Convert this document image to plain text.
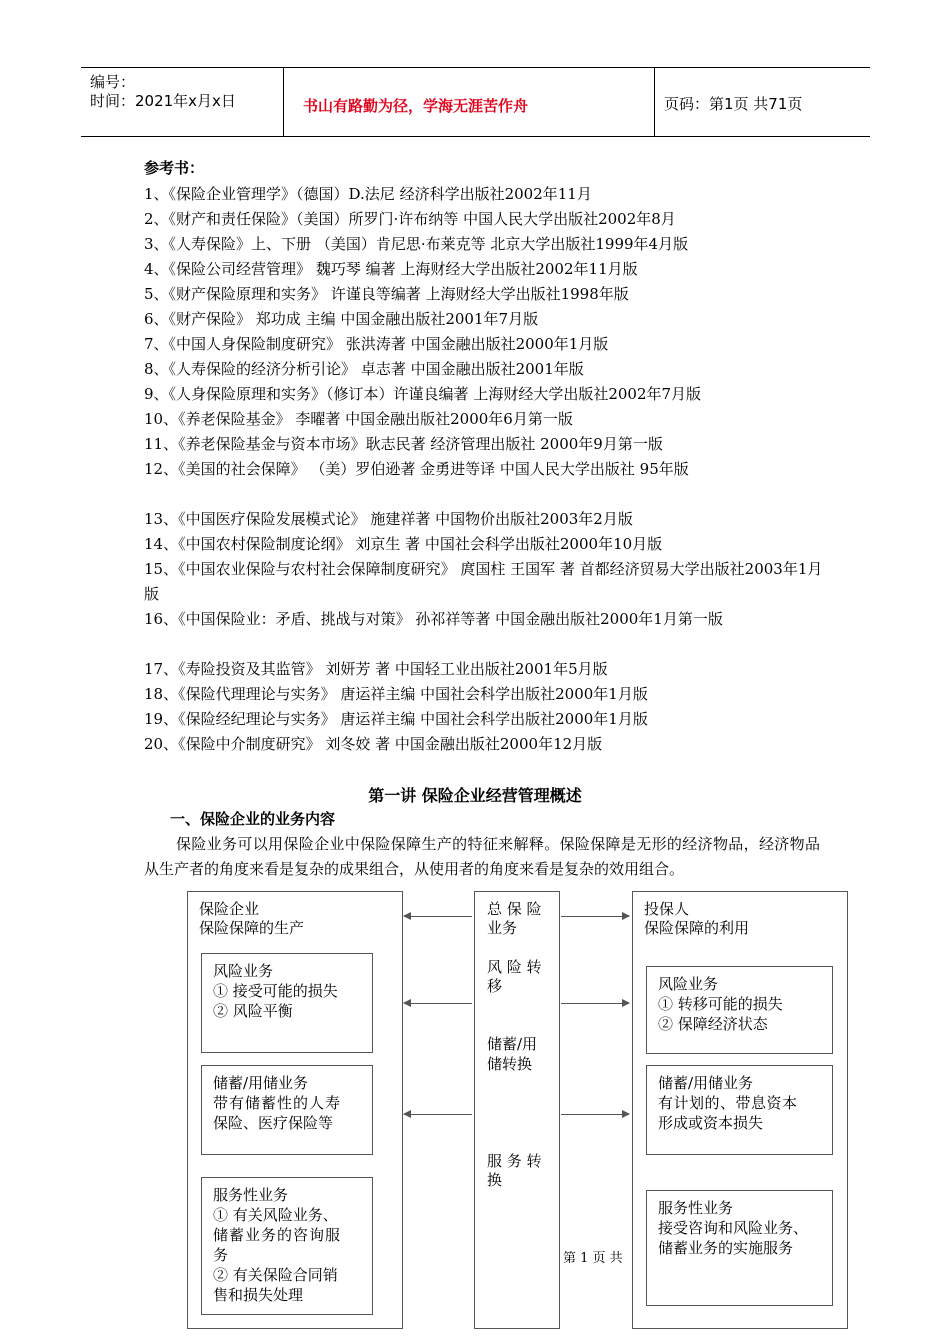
编号：
时间：2021年x月x日	书山有路勤为径，学海无涯苦作舟	页码：第1页 共71页
参考书：
1、《保险企业管理学》（德国）D.法尼 经济科学出版社2002年11月
2、《财产和责任保险》（美国）所罗门·许布纳等 中国人民大学出版社2002年8月
3、《人寿保险》上、下册 （美国）肯尼思·布莱克等 北京大学出版社1999年4月版
4、《保险公司经营管理》 魏巧琴 编著 上海财经大学出版社2002年11月版
5、《财产保险原理和实务》 许谨良等编著 上海财经大学出版社1998年版
6、《财产保险》 郑功成 主编 中国金融出版社2001年7月版
7、《中国人身保险制度研究》 张洪涛著 中国金融出版社2000年1月版
8、《人寿保险的经济分析引论》 卓志著 中国金融出版社2001年版
9、《人身保险原理和实务》（修订本）许谨良编著 上海财经大学出版社2002年7月版
10、《养老保险基金》 李曜著 中国金融出版社2000年6月第一版
11、《养老保险基金与资本市场》耿志民著 经济管理出版社 2000年9月第一版
12、《美国的社会保障》 （美）罗伯逊著 金勇进等译 中国人民大学出版社 95年版
13、《中国医疗保险发展模式论》 施建祥著 中国物价出版社2003年2月版
14、《中国农村保险制度论纲》 刘京生 著 中国社会科学出版社2000年10月版
15、《中国农业保险与农村社会保障制度研究》 庹国柱 王国军 著 首都经济贸易大学出版社2003年1月版
16、《中国保险业：矛盾、挑战与对策》 孙祁祥等著 中国金融出版社2000年1月第一版
17、《寿险投资及其监管》 刘妍芳 著 中国轻工业出版社2001年5月版
18、《保险代理理论与实务》 唐运祥主编 中国社会科学出版社2000年1月版
19、《保险经纪理论与实务》 唐运祥主编 中国社会科学出版社2000年1月版
20、《保险中介制度研究》 刘冬姣 著 中国金融出版社2000年12月版
第一讲 保险企业经营管理概述
一、保险企业的业务内容
保险业务可以用保险企业中保险保障生产的特征来解释。保险保障是无形的经济物品，经济物品从生产者的角度来看是复杂的成果组合，从使用者的角度来看是复杂的效用组合。
保险企业
保险保障的生产
风险业务
① 接受可能的损失
② 风险平衡
储蓄/用储业务
带有储蓄性的人寿
保险、医疗保险等
服务性业务
① 有关风险业务、
储蓄业务的咨询服
务
② 有关保险合同销
售和损失处理
总 保 险
业务
风 险 转
移
储蓄/用
储转换
服 务 转
换
投保人
保险保障的利用
风险业务
① 转移可能的损失
② 保障经济状态
储蓄/用储业务
有计划的、带息资本
形成或资本损失
服务性业务
接受咨询和风险业务、
储蓄业务的实施服务
第 1 页 共
